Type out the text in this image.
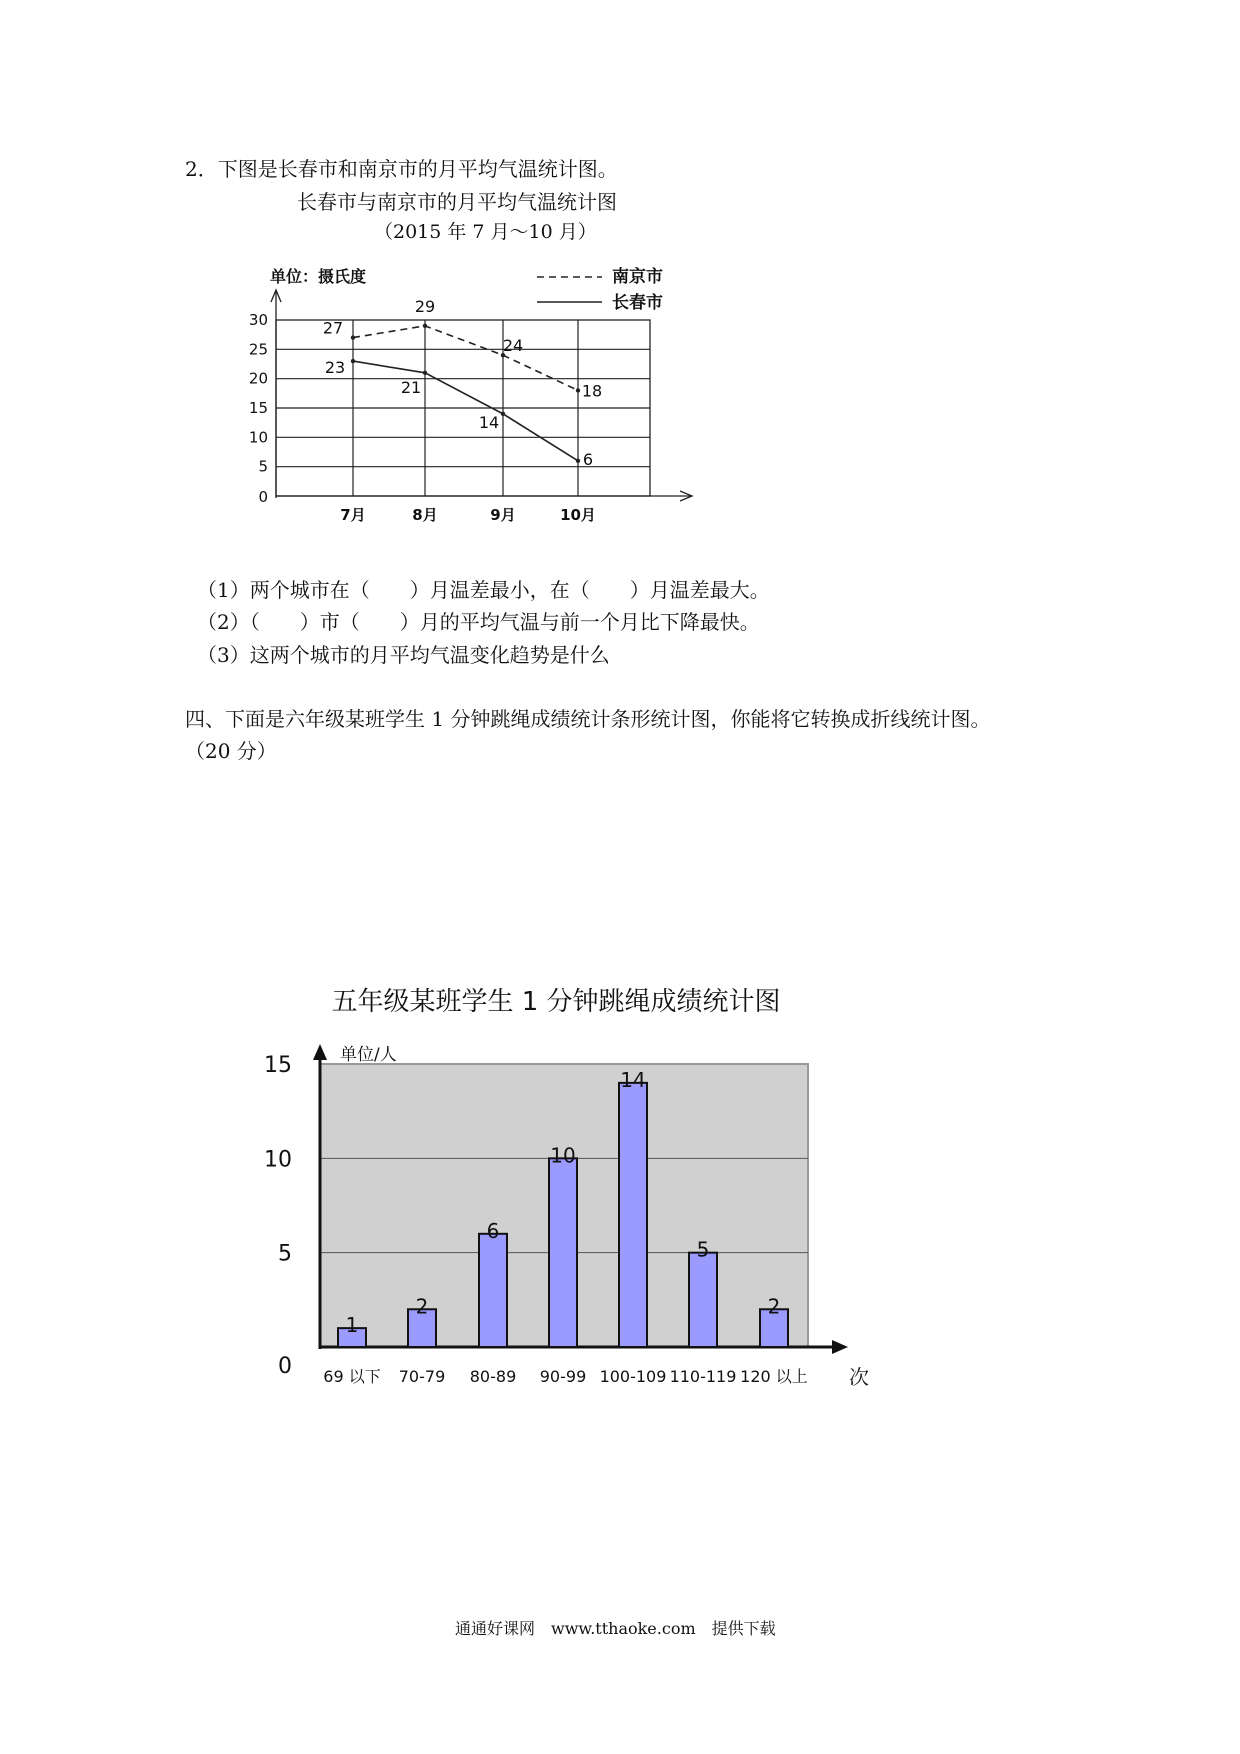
2．下图是长春市和南京市的月平均气温统计图。
长春市与南京市的月平均气温统计图
（2015 年 7 月～10 月）
单位：摄氏度
0
5
10
15
20
25
30
7月	8月	9月	10月
27
29
24
18
23
21
14
6
南京市
长春市
（1）两个城市在（　　）月温差最小，在（　　）月温差最大。
（2）（　　）市（　　）月的平均气温与前一个月比下降最快。
（3）这两个城市的月平均气温变化趋势是什么
四、下面是六年级某班学生 1 分钟跳绳成绩统计条形统计图，你能将它转换成折线统计图。
（20 分）
五年级某班学生 1 分钟跳绳成绩统计图
单位/人
次
0
5
10
15
1
69 以下
2
70-79
6
80-89
10
90-99
14
100-109
5
110-119
2
120 以上
通通好课网　www.tthaoke.com　提供下载
